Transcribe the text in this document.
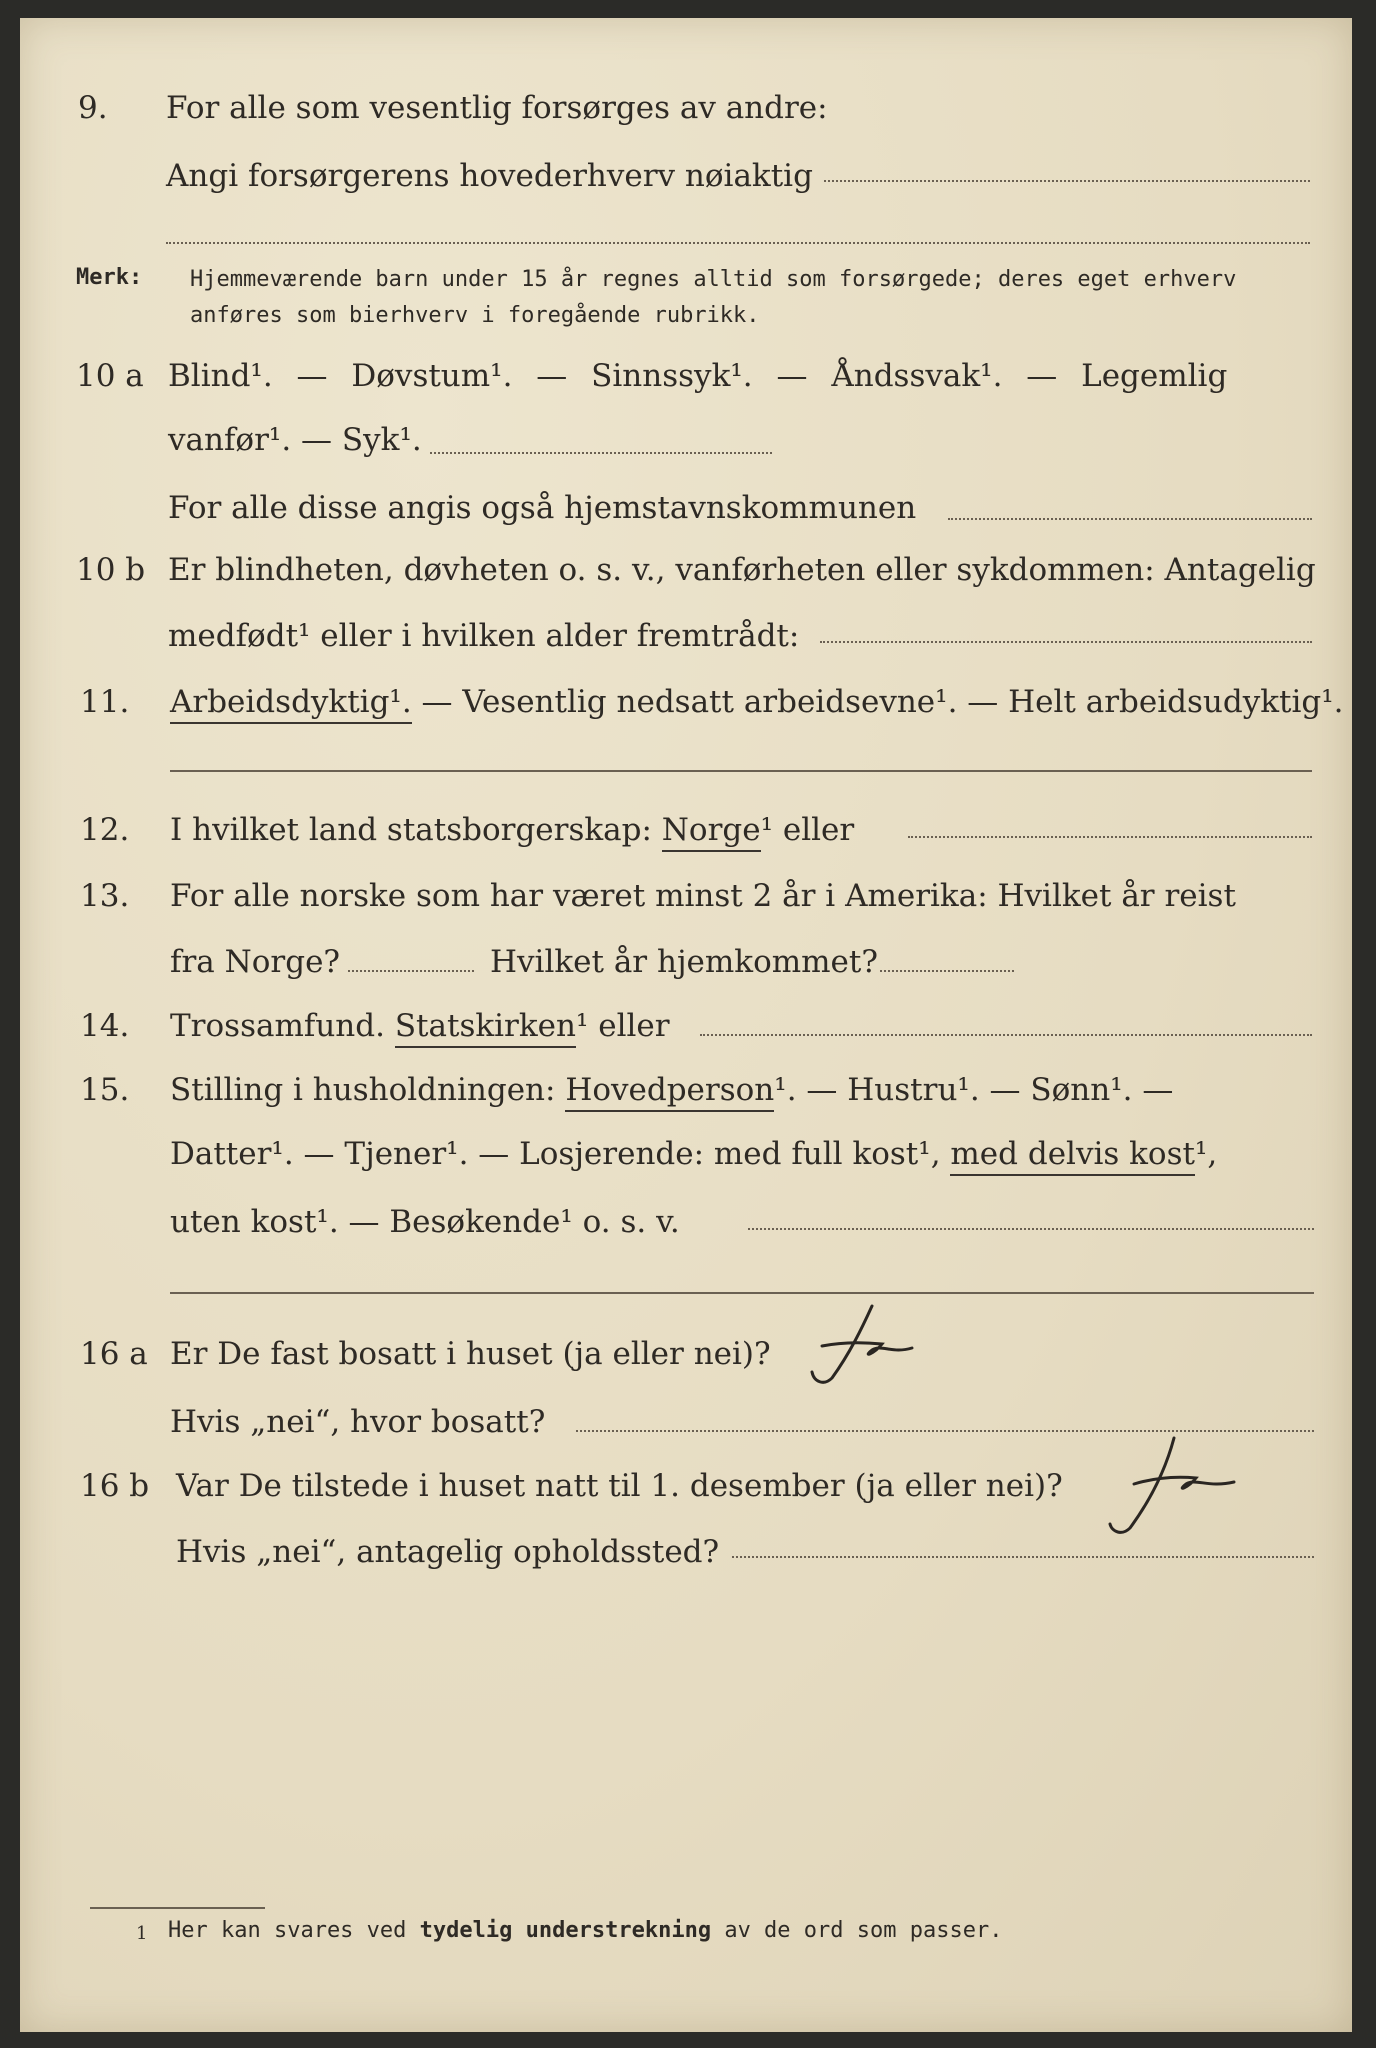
9. For alle som vesentlig forsørges av andre:
Angi forsørgerens hovederhverv nøiaktig
Merk: Hjemmeværende barn under 15 år regnes alltid som forsørgede; deres eget erhverv anføres som bierhverv i foregående rubrikk.
10 a Blind¹. — Døvstum¹. — Sinnssyk¹. — Åndssvak¹. — Legemlig
vanfør¹. — Syk¹.
For alle disse angis også hjemstavnskommunen
10 b Er blindheten, døvheten o. s. v., vanførheten eller sykdommen: Antagelig
medfødt¹ eller i hvilken alder fremtrådt:
11. Arbeidsdyktig¹. — Vesentlig nedsatt arbeidsevne¹. — Helt arbeidsudyktig¹.
12. I hvilket land statsborgerskap: Norge¹ eller
13. For alle norske som har været minst 2 år i Amerika: Hvilket år reist
fra Norge?	Hvilket år hjemkommet?
14. Trossamfund. Statskirken¹ eller
15. Stilling i husholdningen: Hovedperson¹. — Hustru¹. — Sønn¹. —
Datter¹. — Tjener¹. — Losjerende: med full kost¹, med delvis kost¹,
uten kost¹. — Besøkende¹ o. s. v.
16 a Er De fast bosatt i huset (ja eller nei)?
Hvis „nei“, hvor bosatt?
16 b Var De tilstede i huset natt til 1. desember (ja eller nei)?
Hvis „nei“, antagelig opholdssted?
1 Her kan svares ved tydelig understrekning av de ord som passer.
